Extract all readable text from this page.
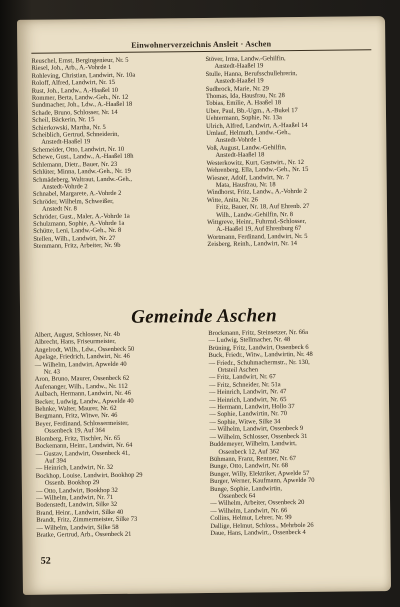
Einwohnerverzeichnis Ansleit · Aschen
Reuschel, Ernst, Bergingenieur, Nr. 5
Riesel, Joh., Arb., A.-Vohrde 1
Rohleving, Christian, Landwirt, Nr. 10a
Roloff, Alfred, Landwirt, Nr. 15
Rust, Joh., Landw., A.-Haaßel 10
Rommer, Berta, Landw.-Geh., Nr. 12
Sundmacher, Joh., Ldw., A.-Haaßel 18
Schade, Bruno, Schlosser, Nr. 14
Scheil, Bäckerin, Nr. 15
Schierkowski, Martha, Nr. 5
Scheiblich, Gertrud, Schneiderin,
Anstedt-Haaßel 19
Schemeider, Otto, Landwirt, Nr. 10
Schewe, Gust., Landw., A.-Haaßel 18h
Schlemann, Dietr., Bauer, Nr. 23
Schlüter, Minna, Landw.-Geh., Nr. 19
Schmädeberg, Waltraut, Landw.-Geh.,
Anstedt-Vohrde 2
Schnabel, Margarete, A.-Vohrde 2
Schröder, Wilhelm, Schweißer,
Anstedt Nr. 8
Schröder, Gust., Maler, A.-Vohrde 1a
Schulzmann, Sophie, A.-Vohrde 1a
Schütte, Leni, Landw.-Geh., Nr. 8
Stellen, Wilh., Landwirt, Nr. 27
Stemmann, Fritz, Arbeiter, Nr. 9b
Stöver, Irma, Landw.-Gehilfin,
Anstedt-Haaßel 19
Stulle, Hanna, Berufsschullehrerin,
Anstedt-Haaßel 19
Sudbrock, Marie, Nr. 29
Thomas, Ida, Hausfrau, Nr. 28
Tobias, Emilie, A. Haaßel 18
Uber, Paul, Bb.-Ugm., A.-Bukel 17
Uehtermann, Sophie, Nr. 13a
Ulrich, Alfred, Landwirt, A.-Haaßel 14
Umlauf, Helmuth, Landw.-Geh.,
Anstedt-Vohrde 1
Voß, August, Landw.-Gehilfin,
Anstedt-Haaßel 18
Westerkowitz, Kurt, Gastwirt., Nr. 12
Wehrenberg, Ella, Landw.-Geh., Nr. 15
Wiesner, Adolf, Landwirt, Nr. 7
Mata, Hausfrau, Nr. 18
Windhorst, Fritz, Landw., A.-Vohrde 2
Witte, Anita, Nr. 26
Fritz, Bauer, Nr. 18, Auf Ehrenb. 27
Wilh., Landw.-Gehilfin, Nr. 8
Wittgreve, Heinr., Fuhrmd.-Schlosser,
A.-Haaßel 19, Auf Ehrenburg 67
Wortmann, Ferdinand, Landwirt, Nr. 5
Zeisberg, Reinh., Landwirt, Nr. 14
Gemeinde Aschen
Albert, August, Schlosser, Nr. 4b
Albrecht, Hans, Friseurmeister,
Angelrodt, Wilh., Ldw., Ossenbeck 50
Apelage, Friedrich, Landwirt, Nr. 46
— Wilhelm, Landwirt, Apwelde 40
Nr. 43
Aron, Bruno, Maurer, Ossenbeck 62
Aufenanger, Wilh., Landw., Nr. 112
Aulbach, Hermann, Landwirt, Nr. 46
Becker, Ludwig, Landw., Apwelde 40
Behnke, Walter, Maurer, Nr. 62
Bergmann, Fritz, Witwe, Nr. 46
Beyer, Ferdinand, Schlossermeister,
Ossenbeck 19, Auf 364
Blomberg, Fritz, Tischler, Nr. 65
Bockemann, Heinr., Landwirt, Nr. 64
— Gustav, Landwirt, Ossenbeck 41,
Auf 394
— Heinrich, Landwirt, Nr. 32
Bockhop, Louise, Landwirt, Bookhop 29
Ossenb. Bookhop 29
— Otto, Landwirt, Bookhop 32
— Wilhelm, Landwirt, Nr. 71
Bodenstedt, Landwirt, Silke 32
Brand, Heinr., Landwirt, Silke 40
Brandt, Fritz, Zimmermeister, Silke 73
— Wilhelm, Landwirt, Silke 58
Bratke, Gertrud, Arb., Ossenbeck 21
Brockmann, Fritz, Steinsetzer, Nr. 66a
— Ludwig, Stellmacher, Nr. 48
Brüning, Fritz, Landwirt, Ossenbeck 6
Buck, Friedr., Witw., Landwirtin, Nr. 48
— Friedr., Schuhmachermstr., Nr. 130,
Ortsteil Aschen
— Fritz, Landwirt, Nr. 67
— Fritz, Schneider, Nr. 51a
— Heinrich, Landwirt, Nr. 47
— Heinrich, Landwirt, Nr. 65
— Hermann, Landwirt, Hollo 37
— Sophie, Landwirtin, Nr. 70
— Sophie, Witwe, Silke 34
— Wilhelm, Landwirt, Ossenbeck 9
— Wilhelm, Schlosser, Ossenbeck 31
Buddemeyer, Wilhelm, Landwirt,
Ossenbeck 12, Auf 362
Bühmann, Franz, Rentner, Nr. 67
Bunge, Otto, Landwirt, Nr. 68
Bunger, Willy, Elektriker, Apwelde 57
Burger, Werner, Kaufmann, Apwelde 70
Bunge, Sophie, Landwirtin,
Ossenbeck 64
— Wilhelm, Arbeiter, Ossenbeck 20
— Wilhelm, Landwirt, Nr. 66
Collins, Helmut, Lehrer, Nr. 99
Dallige, Helmut, Schloss., Mehrbole 26
Daue, Hans, Landwirt., Ossenbeck 4
52
